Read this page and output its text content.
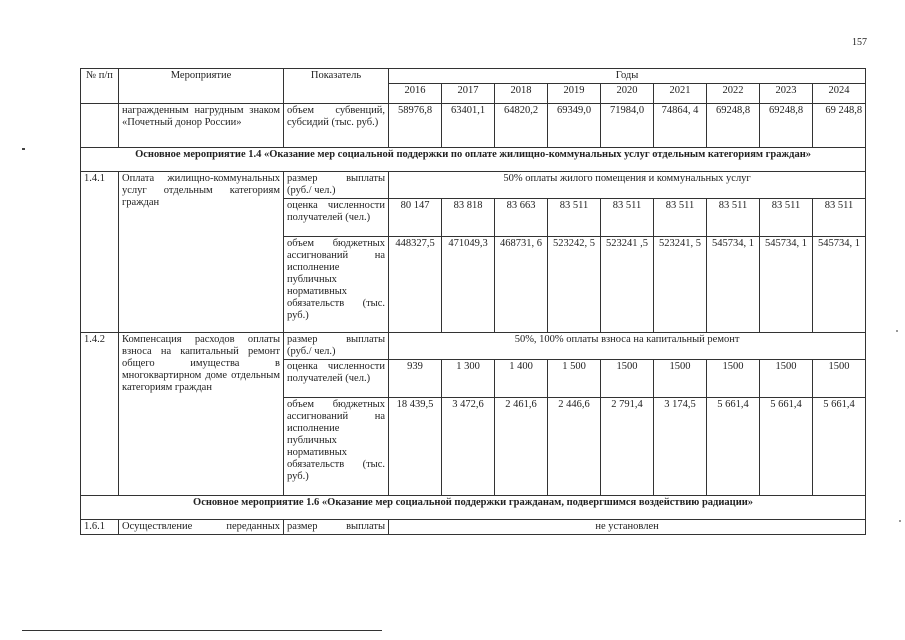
157
№ п/п	Мероприятие	Показатель	Годы								
			2016	2017	2018	2019	2020	2021	2022	2023	2024
	награжденным нагрудным знаком «Почетный донор России»	объем субвенций, субсидий (тыс. руб.)	58976,8	63401,1	64820,2	69349,0	71984,0	74864, 4	69248,8	69248,8	69 248,8
Основное мероприятие 1.4 «Оказание мер социальной поддержки по оплате жилищно-коммунальных услуг отдельным категориям граждан»											
1.4.1	Оплата жилищно-коммунальных услуг отдельным категориям граждан	размер выплаты (руб./ чел.)	50% оплаты жилого помещения и коммунальных услуг								
		оценка численности получателей (чел.)	80 147	83 818	83 663	83 511	83 511	83 511	83 511	83 511	83 511
		объем бюджетных ассигнований на исполнение публичных нормативных обязательств (тыс. руб.)	448327,5	471049,3	468731, 6	523242, 5	523241 ,5	523241, 5	545734, 1	545734, 1	545734, 1
1.4.2	Компенсация расходов оплаты взноса на капитальный ремонт общего имущества в многоквартирном доме отдельным категориям граждан	размер выплаты (руб./ чел.)	50%, 100% оплаты взноса на капитальный ремонт								
		оценка численности получателей (чел.)	939	1 300	1 400	1 500	1500	1500	1500	1500	1500
		объем бюджетных ассигнований на исполнение публичных нормативных обязательств (тыс. руб.)	18 439,5	3 472,6	2 461,6	2 446,6	2 791,4	3 174,5	5 661,4	5 661,4	5 661,4
Основное мероприятие 1.6 «Оказание мер социальной поддержки гражданам, подвергшимся воздействию радиации»											
1.6.1	Осуществление переданных	размер выплаты	не установлен								
